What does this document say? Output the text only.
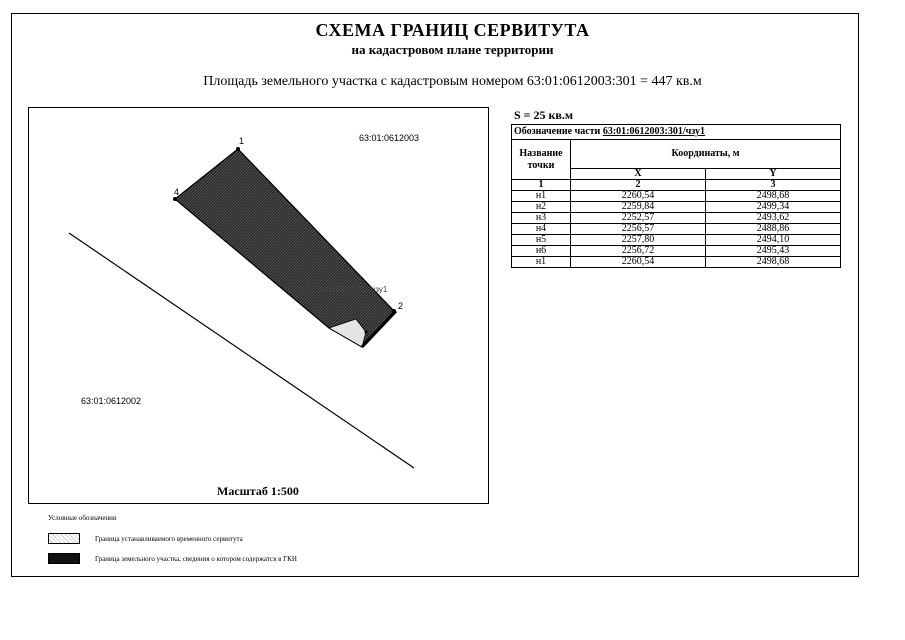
СХЕМА ГРАНИЦ СЕРВИТУТА
на кадастровом плане территории
Площадь земельного участка с кадастровым номером 63:01:0612003:301 = 447 кв.м
1
2
4
63:01:0612003:301/чзу1
63:01:0612003
63:01:0612002
Масштаб 1:500
S = 25 кв.м
Обозначение части 63:01:0612003:301/чзу1		
Название точки	Координаты, м	
	X	Y
1	2	3
н1	2260,54	2498,68
н2	2259,84	2499,34
н3	2252,57	2493,62
н4	2256,57	2488,86
н5	2257,80	2494,10
н6	2256,72	2495,43
н1	2260,54	2498,68
Условные обозначения
Граница устанавливаемого временного сервитута
Граница земельного участка, сведения о котором содержатся в ГКН
